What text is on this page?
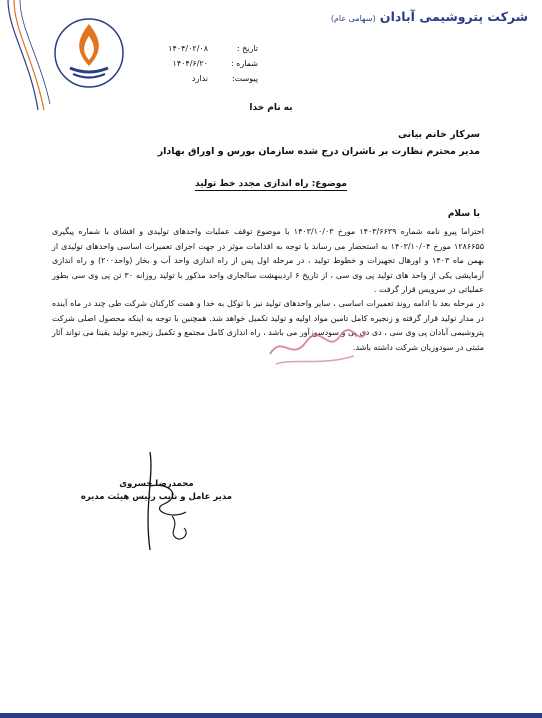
شرکت پتروشیمی آبادان (سهامی عام)
تاریخ :
۱۴۰۴/۰۲/۰۸
شماره :
۱۴۰۴/۶/۲۰
پیوست:
ندارد
به نام خدا
سرکار خانم بیانی
مدیر محترم نظارت بر ناشران درج شده سازمان بورس و اوراق بهادار
موضوع: راه اندازی مجدد خط تولید
با سلام
احتراما پیرو نامه شماره ۱۴۰۳/۶۶۳۹ مورخ ۱۴۰۳/۱۰/۰۳ با موضوع توقف عملیات واحدهای تولیدی و افشای با شماره پیگیری ۱۲۸۶۶۵۵ مورخ ۱۴۰۳/۱۰/۰۴ به استحضار می رساند با توجه به اقدامات موثر در جهت اجرای تعمیرات اساسی واحدهای تولیدی از بهمن ماه ۱۴۰۳ و اورهال تجهیزات و خطوط تولید ، در مرحله اول پس از راه اندازی واحد آب و بخار (واحد۲۰۰) و راه اندازی آزمایشی یکی از واحد های تولید پی وی سی ، از تاریخ ۶ اردیبهشت سالجاری واحد مذکور با تولید روزانه ۳۰ تن پی وی سی بطور عملیاتی در سرویس قرار گرفت .
در مرحله بعد با ادامه روند تعمیرات اساسی ، سایر واحدهای تولید نیز با توکل به خدا و همت کارکنان شرکت طی چند در ماه آینده در مدار تولید قرار گرفته و زنجیره کامل تامین مواد اولیه و تولید تکمیل خواهد شد. همچنین با توجه به اینکه محصول اصلی شرکت پتروشیمی آبادان پی وی سی ، دی دی پی و سودسوزآور می باشد ، راه اندازی کامل مجتمع و تکمیل زنجیره تولید یقینا می تواند آثار مثبتی در سودوزیان شرکت داشته باشد.
محمدرضا خسروی
مدیر عامل و نایب رئیس هیئت مدیره
